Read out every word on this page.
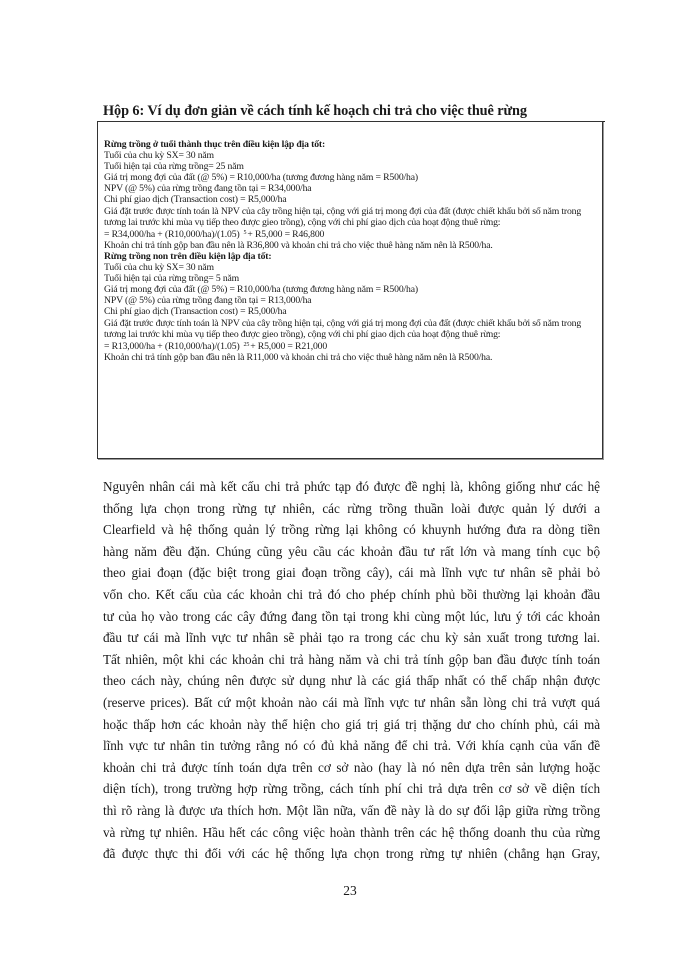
Hộp 6: Ví dụ đơn giản về cách tính kế hoạch chi trả cho việc thuê rừng
Rừng trồng ở tuổi thành thục trên điều kiện lập địa tốt:
Tuổi của chu kỳ SX= 30 năm
Tuổi hiện tại của rừng trồng= 25 năm
Giá trị mong đợi của đất (@ 5%) = R10,000/ha (tương đương hàng năm = R500/ha)
NPV (@ 5%) của rừng trồng đang tồn tại = R34,000/ha
Chi phí giao dịch (Transaction cost) = R5,000/ha
Giá đặt trước được tính toán là NPV của cây trồng hiện tại, cộng với giá trị mong đợi của đất (được chiết khấu bởi số năm trong tương lai trước khi mùa vụ tiếp theo được gieo trồng), cộng với chi phí giao dịch của hoạt động thuê rừng:
= R34,000/ha + (R10,000/ha)/(1.05) $^5$+ R5,000 = R46,800
Khoản chi trả tính gộp ban đầu nên là R36,800 và khoản chi trả cho việc thuê hàng năm nên là R500/ha.
Rừng trồng non trên điều kiện lập địa tốt:
Tuổi của chu kỳ SX= 30 năm
Tuổi hiện tại của rừng trồng= 5 năm
Giá trị mong đợi của đất (@ 5%) = R10,000/ha (tương đương hàng năm = R500/ha)
NPV (@ 5%) của rừng trồng đang tồn tại = R13,000/ha
Chi phí giao dịch (Transaction cost) = R5,000/ha
Giá đặt trước được tính toán là NPV của cây trồng hiện tại, cộng với giá trị mong đợi của đất (được chiết khấu bởi số năm trong tương lai trước khi mùa vụ tiếp theo được gieo trồng), cộng với chi phí giao dịch của hoạt động thuê rừng:
= R13,000/ha + (R10,000/ha)/(1.05) $^{25}$+ R5,000 = R21,000
Khoản chi trả tính gộp ban đầu nên là R11,000 và khoản chi trả cho việc thuê hàng năm nên là R500/ha.
Nguyên nhân cái mà kết cấu chi trả phức tạp đó được đề nghị là, không giống như các hệ
thống lựa chọn trong rừng tự nhiên, các rừng trồng thuần loài được quản lý dưới a
Clearfield và hệ thống quản lý trồng rừng lại không có khuynh hướng đưa ra dòng tiền
hàng năm đều đặn. Chúng cũng yêu cầu các khoản đầu tư rất lớn và mang tính cục bộ
theo giai đoạn (đặc biệt trong giai đoạn trồng cây), cái mà lĩnh vực tư nhân sẽ phải bỏ
vốn cho. Kết cấu của các khoản chi trả đó cho phép chính phủ bồi thường lại khoản đầu
tư của họ vào trong các cây đứng đang tồn tại trong khi cùng một lúc, lưu ý tới các khoản
đầu tư cái mà lĩnh vực tư nhân sẽ phải tạo ra trong các chu kỳ sản xuất trong tương lai.
Tất nhiên, một khi các khoản chi trả hàng năm và chi trả tính gộp ban đầu được tính toán
theo cách này, chúng nên được sử dụng như là các giá thấp nhất có thể chấp nhận được
(reserve prices). Bất cứ một khoản nào cái mà lĩnh vực tư nhân sẵn lòng chi trả vượt quá
hoặc thấp hơn các khoản này thể hiện cho giá trị giá trị thặng dư cho chính phủ, cái mà
lĩnh vực tư nhân tin tưởng rằng nó có đủ khả năng để chi trả. Với khía cạnh của vấn đề
khoản chi trả được tính toán dựa trên cơ sở nào (hay là nó nên dựa trên sản lượng hoặc
diện tích), trong trường hợp rừng trồng, cách tính phí chi trả dựa trên cơ sở về diện tích
thì rõ ràng là được ưa thích hơn. Một lần nữa, vấn đề này là do sự đối lập giữa rừng trồng
và rừng tự nhiên. Hầu hết các công việc hoàn thành trên các hệ thống doanh thu của rừng
đã được thực thi đối với các hệ thống lựa chọn trong rừng tự nhiên (chẳng hạn Gray,
23
